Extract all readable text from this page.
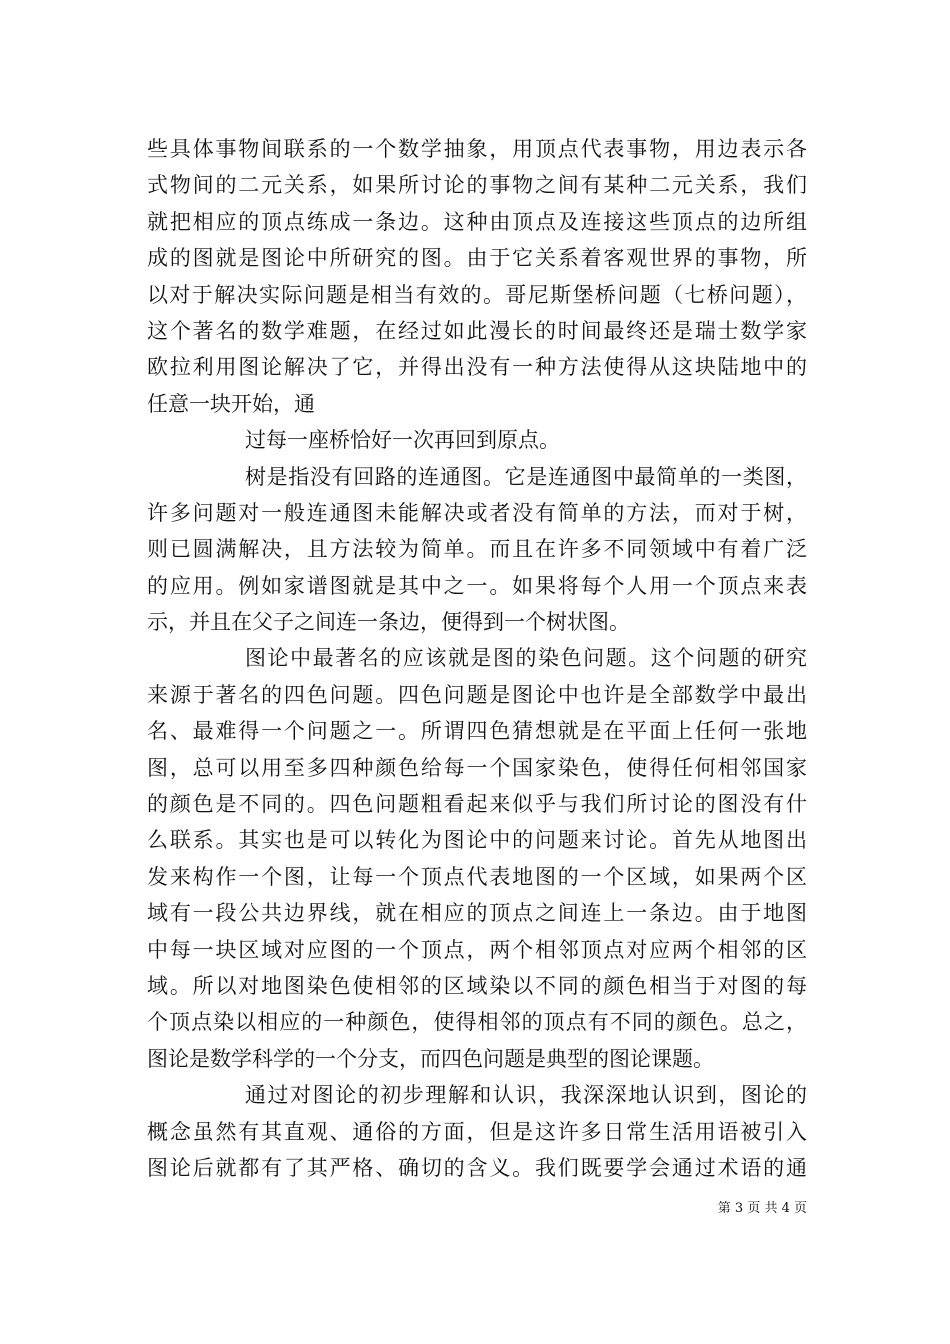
些具体事物间联系的一个数学抽象，用顶点代表事物，用边表示各
式物间的二元关系，如果所讨论的事物之间有某种二元关系，我们
就把相应的顶点练成一条边。这种由顶点及连接这些顶点的边所组
成的图就是图论中所研究的图。由于它关系着客观世界的事物，所
以对于解决实际问题是相当有效的。哥尼斯堡桥问题（七桥问题），
这个著名的数学难题，在经过如此漫长的时间最终还是瑞士数学家
欧拉利用图论解决了它，并得出没有一种方法使得从这块陆地中的
任意一块开始，通
过每一座桥恰好一次再回到原点。
树是指没有回路的连通图。它是连通图中最简单的一类图，
许多问题对一般连通图未能解决或者没有简单的方法，而对于树，
则已圆满解决，且方法较为简单。而且在许多不同领域中有着广泛
的应用。例如家谱图就是其中之一。如果将每个人用一个顶点来表
示，并且在父子之间连一条边，便得到一个树状图。
图论中最著名的应该就是图的染色问题。这个问题的研究
来源于著名的四色问题。四色问题是图论中也许是全部数学中最出
名、最难得一个问题之一。所谓四色猜想就是在平面上任何一张地
图，总可以用至多四种颜色给每一个国家染色，使得任何相邻国家
的颜色是不同的。四色问题粗看起来似乎与我们所讨论的图没有什
么联系。其实也是可以转化为图论中的问题来讨论。首先从地图出
发来构作一个图，让每一个顶点代表地图的一个区域，如果两个区
域有一段公共边界线，就在相应的顶点之间连上一条边。由于地图
中每一块区域对应图的一个顶点，两个相邻顶点对应两个相邻的区
域。所以对地图染色使相邻的区域染以不同的颜色相当于对图的每
个顶点染以相应的一种颜色，使得相邻的顶点有不同的颜色。总之，
图论是数学科学的一个分支，而四色问题是典型的图论课题。
通过对图论的初步理解和认识，我深深地认识到，图论的
概念虽然有其直观、通俗的方面，但是这许多日常生活用语被引入
图论后就都有了其严格、确切的含义。我们既要学会通过术语的通
第 3 页 共 4 页
